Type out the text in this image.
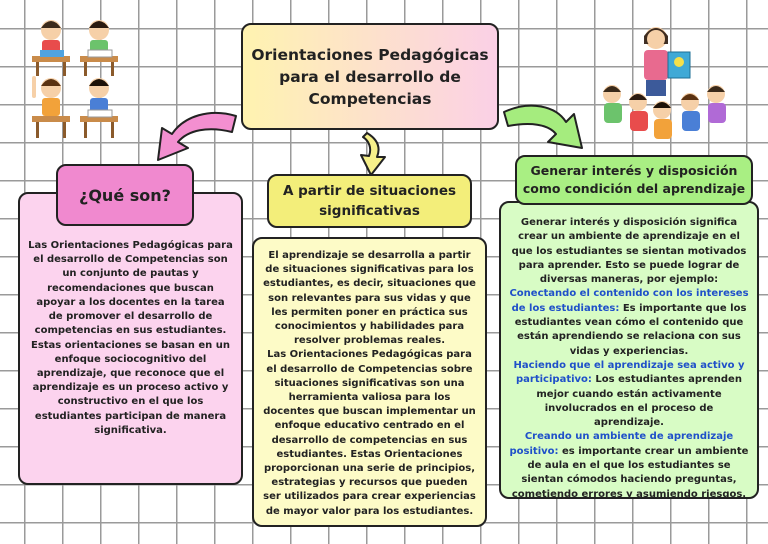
Orientaciones Pedagógicas para el desarrollo de Competencias

Las Orientaciones Pedagógicas para el desarrollo de Competencias son un conjunto de pautas y recomendaciones que buscan apoyar a los docentes en la tarea de promover el desarrollo de competencias en sus estudiantes. Estas orientaciones se basan en un enfoque sociocognitivo del aprendizaje, que reconoce que el aprendizaje es un proceso activo y constructivo en el que los estudiantes participan de manera significativa.

¿Qué son?

El aprendizaje se desarrolla a partir de situaciones significativas para los estudiantes, es decir, situaciones que son relevantes para sus vidas y que les permiten poner en práctica sus conocimientos y habilidades para resolver problemas reales.

Las Orientaciones Pedagógicas para el desarrollo de Competencias sobre situaciones significativas son una herramienta valiosa para los docentes que buscan implementar un enfoque educativo centrado en el desarrollo de competencias en sus estudiantes. Estas Orientaciones proporcionan una serie de principios, estrategias y recursos que pueden ser utilizados para crear experiencias de mayor valor para los estudiantes.

A partir de situaciones significativas

Generar interés y disposición significa crear un ambiente de aprendizaje en el que los estudiantes se sientan motivados para aprender. Esto se puede lograr de diversas maneras, por ejemplo:

Conectando el contenido con los intereses de los estudiantes: Es importante que los estudiantes vean cómo el contenido que están aprendiendo se relaciona con sus vidas y experiencias.

Haciendo que el aprendizaje sea activo y participativo: Los estudiantes aprenden mejor cuando están activamente involucrados en el proceso de aprendizaje.

Creando un ambiente de aprendizaje positivo: es importante crear un ambiente de aula en el que los estudiantes se sientan cómodos haciendo preguntas, cometiendo errores y asumiendo riesgos.

Generar interés y disposición como condición del aprendizaje
